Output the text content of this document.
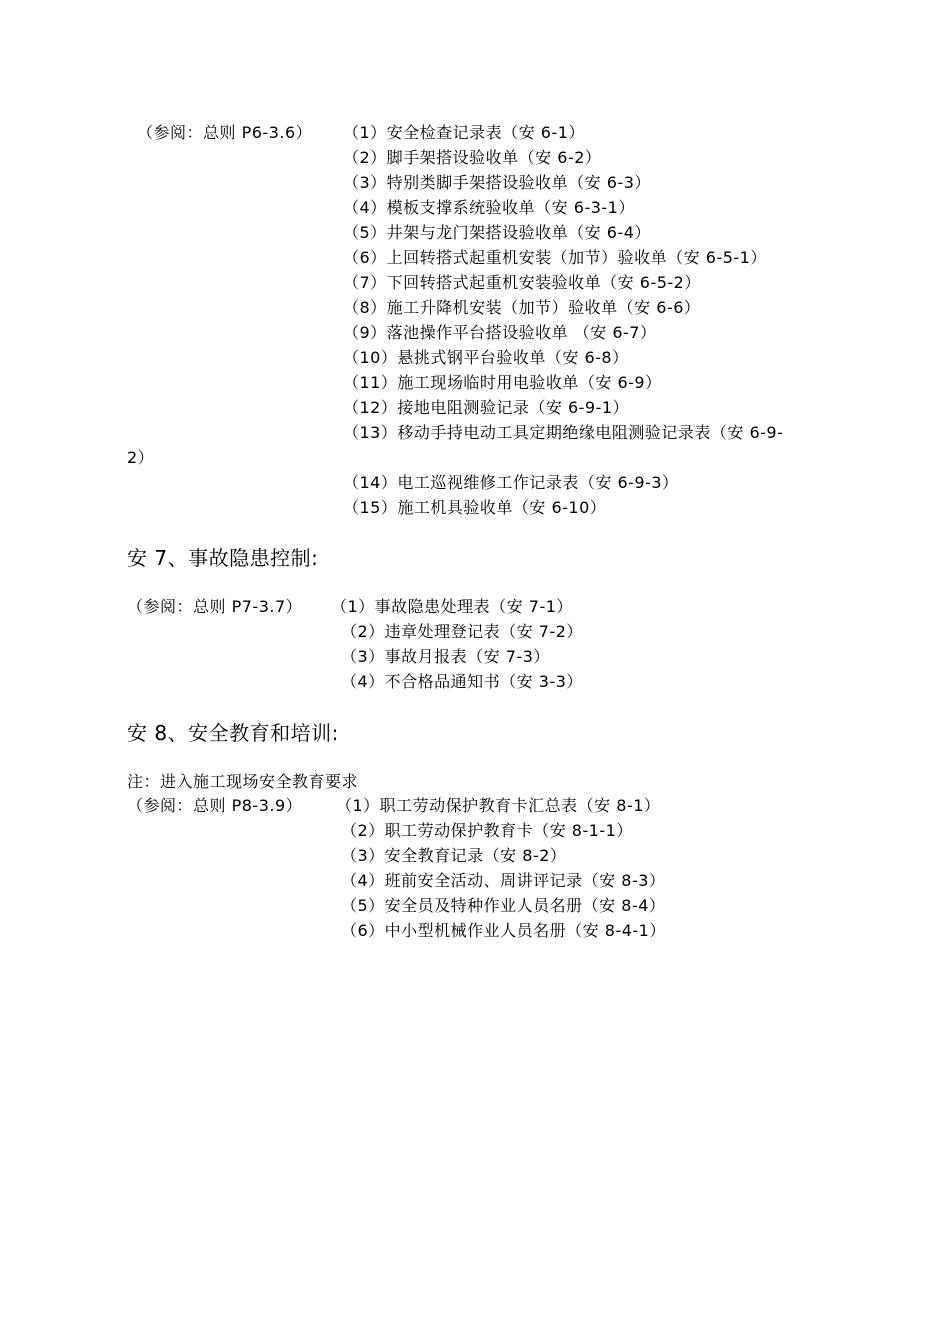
（参阅：总则 P6-3.6） （1）安全检查记录表（安 6-1）
（2）脚手架搭设验收单（安 6-2）
（3）特别类脚手架搭设验收单（安 6-3）
（4）模板支撑系统验收单（安 6-3-1）
（5）井架与龙门架搭设验收单（安 6-4）
（6）上回转搭式起重机安装（加节）验收单（安 6-5-1）
（7）下回转搭式起重机安装验收单（安 6-5-2）
（8）施工升降机安装（加节）验收单（安 6-6）
（9）落池操作平台搭设验收单 （安 6-7）
（10）悬挑式钢平台验收单（安 6-8）
（11）施工现场临时用电验收单（安 6-9）
（12）接地电阻测验记录（安 6-9-1）
（13）移动手持电动工具定期绝缘电阻测验记录表（安 6-9-
2）
（14）电工巡视维修工作记录表（安 6-9-3）
（15）施工机具验收单（安 6-10）
安 7、事故隐患控制:
（参阅：总则 P7-3.7） （1）事故隐患处理表（安 7-1）
（2）违章处理登记表（安 7-2）
（3）事故月报表（安 7-3）
（4）不合格品通知书（安 3-3）
安 8、安全教育和培训:
注：进入施工现场安全教育要求
（参阅：总则 P8-3.9） （1）职工劳动保护教育卡汇总表（安 8-1）
（2）职工劳动保护教育卡（安 8-1-1）
（3）安全教育记录（安 8-2）
（4）班前安全活动、周讲评记录（安 8-3）
（5）安全员及特种作业人员名册（安 8-4）
（6）中小型机械作业人员名册（安 8-4-1）
